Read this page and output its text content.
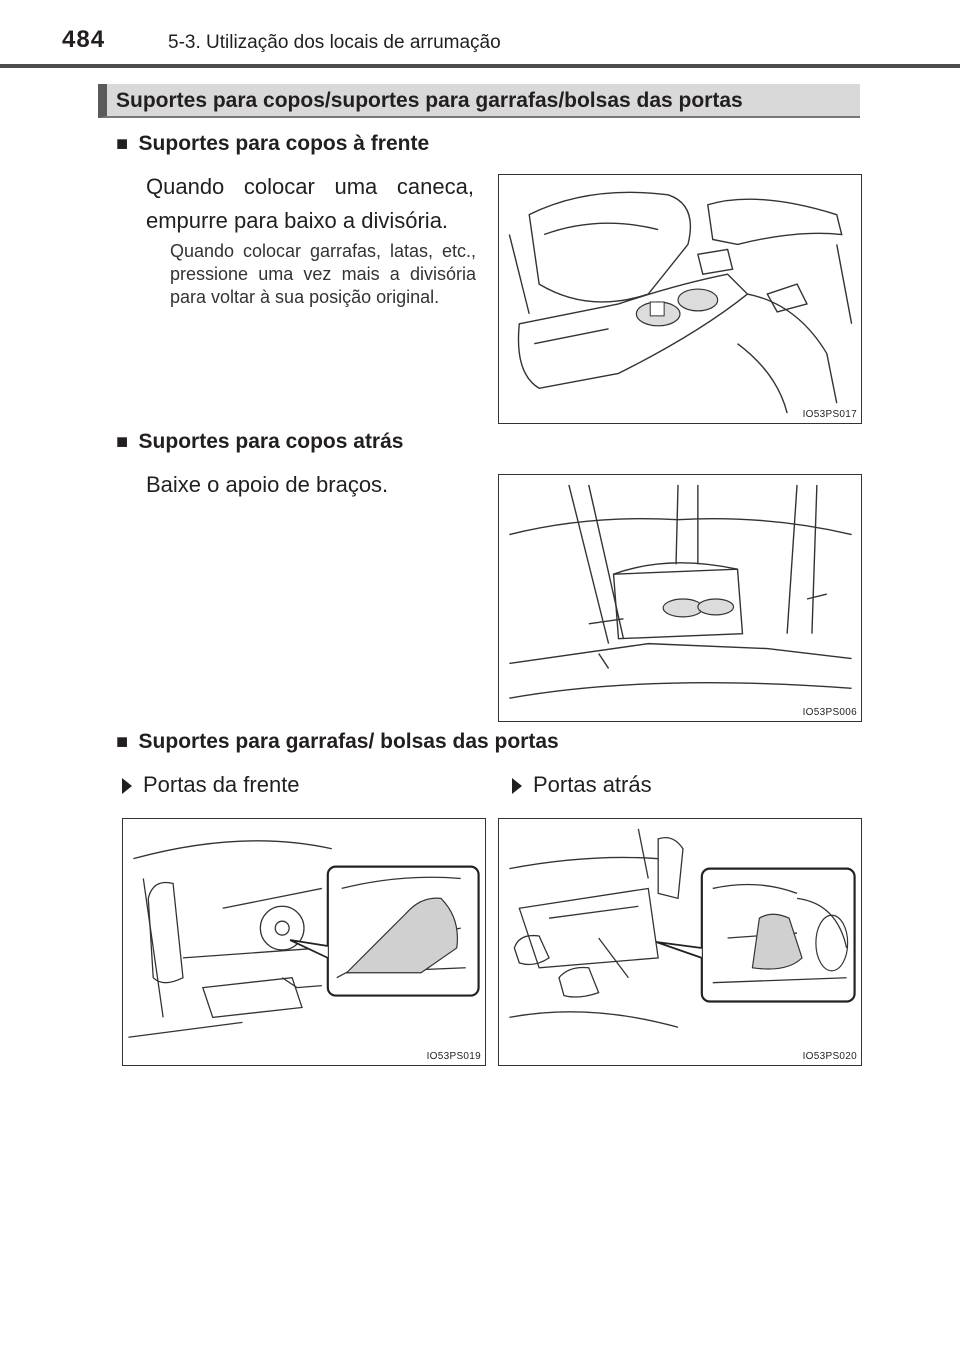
484	5-3. Utilização dos locais de arrumação
Suportes para copos/suportes para garrafas/bolsas das portas
■ Suportes para copos à frente
Quando colocar uma caneca, empurre para baixo a divisória.
Quando colocar garrafas, latas, etc., pressione uma vez mais a divisória para voltar à sua posição original.
IO53PS017
■ Suportes para copos atrás
Baixe o apoio de braços.
IO53PS006
■ Suportes para garrafas/ bolsas das portas
Portas da frente	Portas atrás
IO53PS019	IO53PS020
